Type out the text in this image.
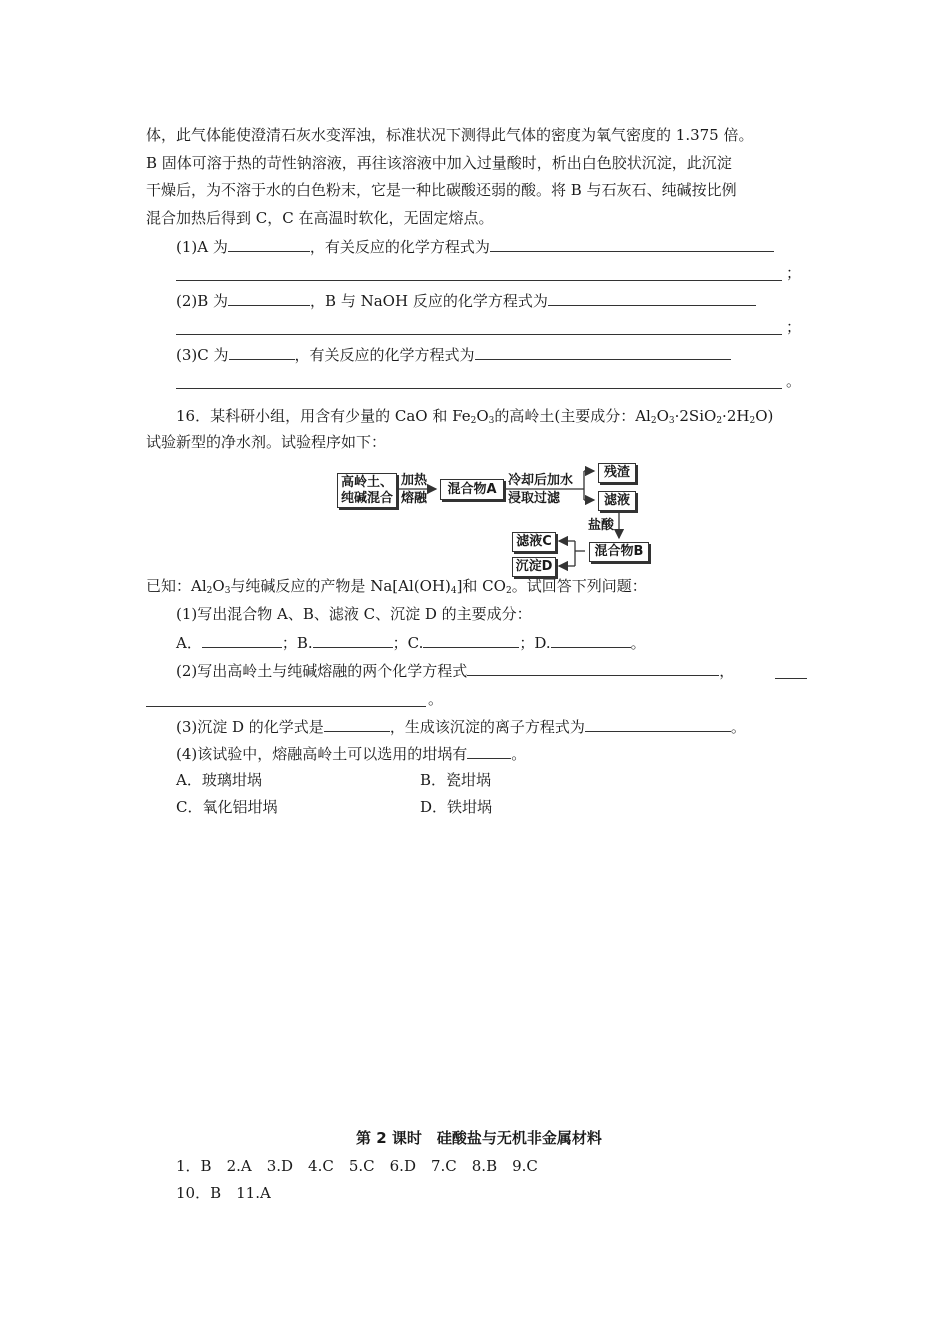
体，此气体能使澄清石灰水变浑浊，标准状况下测得此气体的密度为氧气密度的 1.375 倍。
B 固体可溶于热的苛性钠溶液，再往该溶液中加入过量酸时，析出白色胶状沉淀，此沉淀
干燥后，为不溶于水的白色粉末，它是一种比碳酸还弱的酸。将 B 与石灰石、纯碱按比例
混合加热后得到 C，C 在高温时软化，无固定熔点。
(1)A 为	，有关反应的化学方程式为
；
(2)B 为	，B 与 NaOH 反应的化学方程式为
；
(3)C 为	，有关反应的化学方程式为
。
16．某科研小组，用含有少量的 CaO 和 $Fe_2O_3$的高岭土(主要成分：$Al_2O_3\cdot 2SiO_2\cdot 2H_2O$)
试验新型的净水剂。试验程序如下：
高岭土、
纯碱混合
加热
熔融
混合物A
冷却后加水
浸取过滤
残渣
滤液
盐酸
混合物B
滤液C
沉淀D
已知：$Al_2O_3$与纯碱反应的产物是 $Na[Al(OH)_4]$和 $CO_2$。试回答下列问题：
(1)写出混合物 A、B、滤液 C、沉淀 D 的主要成分：
A．	；B.	；C.	；D.	。
(2)写出高岭土与纯碱熔融的两个化学方程式	，
。
(3)沉淀 D 的化学式是	，生成该沉淀的离子方程式为	。
(4)该试验中，熔融高岭土可以选用的坩埚有	。
A．玻璃坩埚	B．瓷坩埚
C．氧化铝坩埚	D．铁坩埚
第 2 课时　硅酸盐与无机非金属材料
1．B　2.A　3.D　4.C　5.C　6.D　7.C　8.B　9.C
10．B　11.A
